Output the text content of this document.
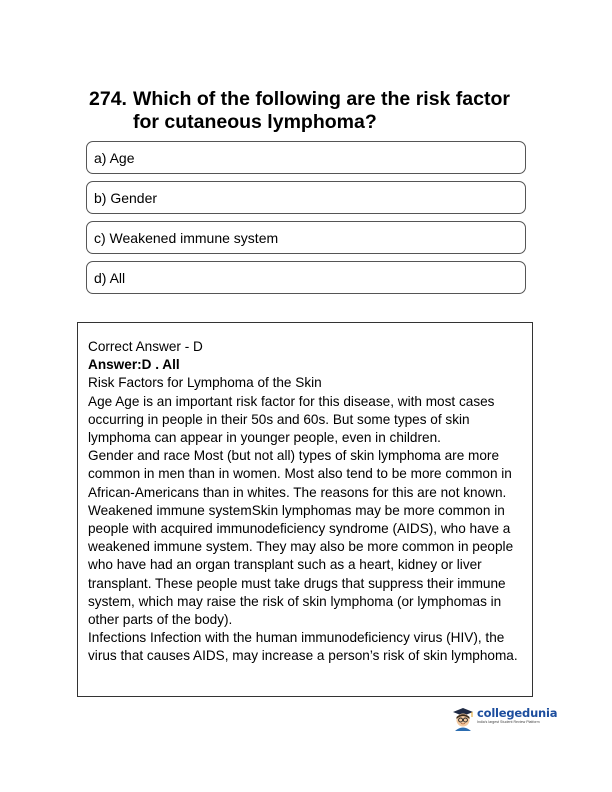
274. Which of the following are the risk factor for cutaneous lymphoma?
a) Age
b) Gender
c) Weakened immune system
d) All

Correct Answer - D

Answer:D . All

Risk Factors for Lymphoma of the Skin

Age Age is an important risk factor for this disease, with most cases occurring in people in their 50s and 60s. But some types of skin lymphoma can appear in younger people, even in children.

Gender and race Most (but not all) types of skin lymphoma are more common in men than in women. Most also tend to be more common in African-Americans than in whites. The reasons for this are not known.

Weakened immune systemSkin lymphomas may be more common in people with acquired immunodeficiency syndrome (AIDS), who have a weakened immune system. They may also be more common in people who have had an organ transplant such as a heart, kidney or liver transplant. These people must take drugs that suppress their immune system, which may raise the risk of skin lymphoma (or lymphomas in other parts of the body).

Infections Infection with the human immunodeficiency virus (HIV), the virus that causes AIDS, may increase a person’s risk of skin lymphoma.

collegedunia
India's largest Student Review Platform
